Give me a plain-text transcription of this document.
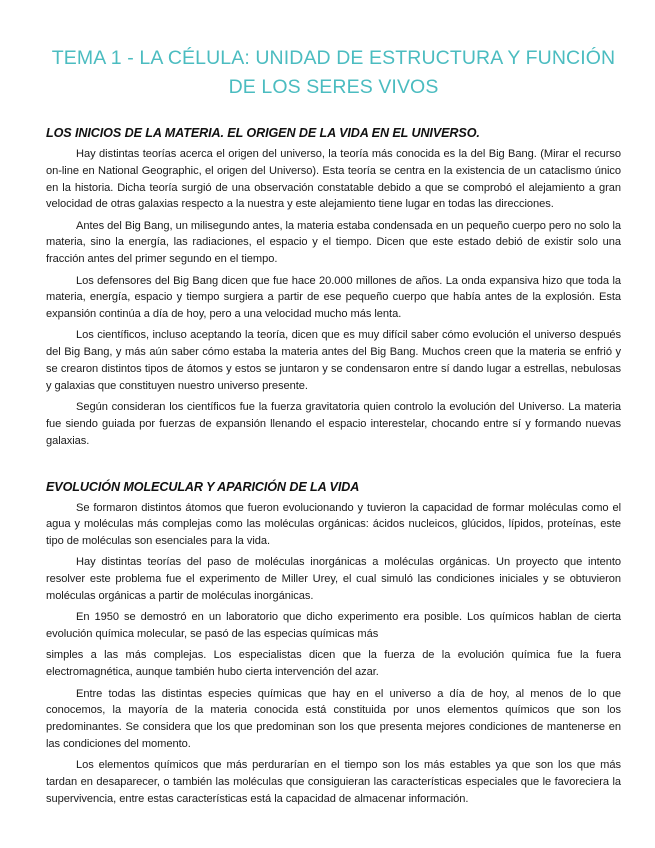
TEMA 1 - LA CÉLULA: UNIDAD DE ESTRUCTURA Y FUNCIÓN DE LOS SERES VIVOS
LOS INICIOS DE LA MATERIA. EL ORIGEN DE LA VIDA EN EL UNIVERSO.

Hay distintas teorías acerca el origen del universo, la teoría más conocida es la del Big Bang. (Mirar el recurso on-line en National Geographic, el origen del Universo). Esta teoría se centra en la existencia de un cataclismo único en la historia. Dicha teoría surgió de una observación constatable debido a que se comprobó el alejamiento a gran velocidad de otras galaxias respecto a la nuestra y este alejamiento tiene lugar en todas las direcciones.

Antes del Big Bang, un milisegundo antes, la materia estaba condensada en un pequeño cuerpo pero no solo la materia, sino la energía, las radiaciones, el espacio y el tiempo. Dicen que este estado debió de existir solo una fracción antes del primer segundo en el tiempo.

Los defensores del Big Bang dicen que fue hace 20.000 millones de años. La onda expansiva hizo que toda la materia, energía, espacio y tiempo surgiera a partir de ese pequeño cuerpo que había antes de la explosión. Esta expansión continúa a día de hoy, pero a una velocidad mucho más lenta.

Los científicos, incluso aceptando la teoría, dicen que es muy difícil saber cómo evolución el universo después del Big Bang, y más aún saber cómo estaba la materia antes del Big Bang. Muchos creen que la materia se enfrió y se crearon distintos tipos de átomos y estos se juntaron y se condensaron entre sí dando lugar a estrellas, nebulosas y galaxias que constituyen nuestro universo presente.

Según consideran los científicos fue la fuerza gravitatoria quien controlo la evolución del Universo. La materia fue siendo guiada por fuerzas de expansión llenando el espacio interestelar, chocando entre sí y formando nuevas galaxias.

EVOLUCIÓN MOLECULAR Y APARICIÓN DE LA VIDA

Se formaron distintos átomos que fueron evolucionando y tuvieron la capacidad de formar moléculas como el agua y moléculas más complejas como las moléculas orgánicas: ácidos nucleicos, glúcidos, lípidos, proteínas, este tipo de moléculas son esenciales para la vida.

Hay distintas teorías del paso de moléculas inorgánicas a moléculas orgánicas. Un proyecto que intento resolver este problema fue el experimento de Miller Urey, el cual simuló las condiciones iniciales y se obtuvieron moléculas orgánicas a partir de moléculas inorgánicas.

En 1950 se demostró en un laboratorio que dicho experimento era posible. Los químicos hablan de cierta evolución química molecular, se pasó de las especias químicas más

simples a las más complejas. Los especialistas dicen que la fuerza de la evolución química fue la fuera electromagnética, aunque también hubo cierta intervención del azar.

Entre todas las distintas especies químicas que hay en el universo a día de hoy, al menos de lo que conocemos, la mayoría de la materia conocida está constituida por unos elementos químicos que son los predominantes. Se considera que los que predominan son los que presenta mejores condiciones de mantenerse en las condiciones del momento.

Los elementos químicos que más perdurarían en el tiempo son los más estables ya que son los que más tardan en desaparecer, o también las moléculas que consiguieran las características especiales que le favoreciera la supervivencia, entre estas características está la capacidad de almacenar información.
